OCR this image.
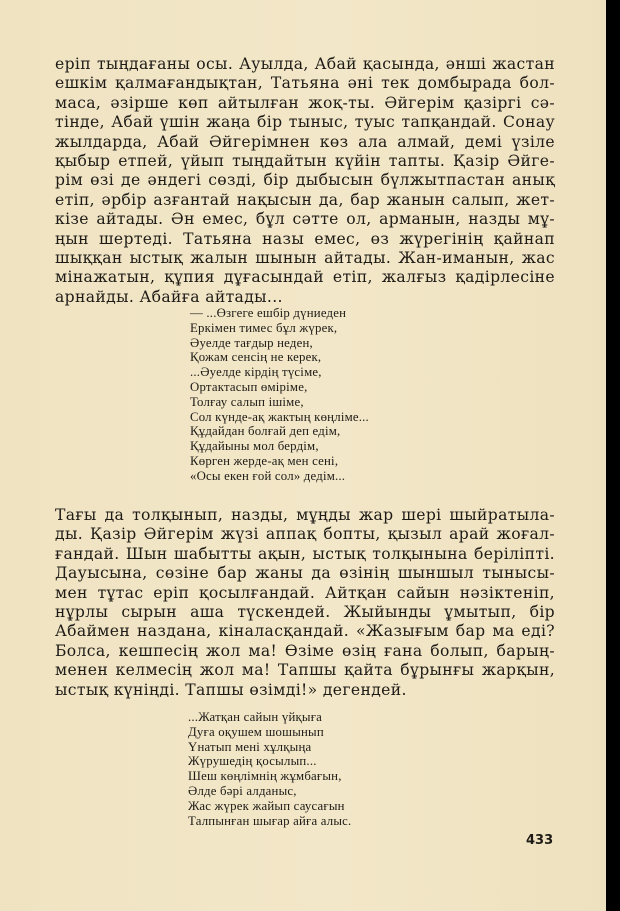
еріп тыңдағаны осы. Ауылда, Абай қасында, әнші жастан
ешкім қалмағандықтан, Татьяна әні тек домбырада бол-
маса, әзірше көп айтылған жоқ-ты. Әйгерім қазіргі сә-
тінде, Абай үшін жаңа бір тыныс, туыс тапқандай. Сонау
жылдарда, Абай Әйгерімнен көз ала алмай, демі үзіле
қыбыр етпей, үйып тыңдайтын күйін тапты. Қазір Әйге-
рім өзі де әндегі сөзді, бір дыбысын бүлжытпастан анық
етіп, әрбір азғантай нақысын да, бар жанын салып, жет-
кізе айтады. Ән емес, бұл сәтте ол, арманын, назды мұ-
ңын шертеді. Татьяна назы емес, өз жүрегінің қайнап
шыққан ыстық жалын шынын айтады. Жан-иманын, жас
мінажатын, құпия дұғасындай етіп, жалғыз қадірлесіне
арнайды. Абайға айтады...

— ...Өзгеге ешбір дүниеден
Еркімен тимес бұл жүрек,
Әуелде тағдыр неден,
Қожам сенсің не керек,
...Әуелде кірдің түсіме,
Ортактасып өміріме,
Толғау салып ішіме,
Сол күнде-ақ жактың көңліме...
Құдайдан болғай деп едім,
Құдайыны мол бердім,
Көрген жерде-ақ мен сені,
«Осы екен ғой сол» дедім...

Тағы да толқынып, назды, мұңды жар шері шыйратыла-
ды. Қазір Әйгерім жүзі аппақ бопты, қызыл арай жоғал-
ғандай. Шын шабытты ақын, ыстық толқынына беріліпті.
Дауысына, сөзіне бар жаны да өзінің шыншыл тынысы-
мен тұтас еріп қосылғандай. Айтқан сайын нәзіктеніп,
нұрлы сырын аша түскендей. Жыйынды ұмытып, бір
Абаймен наздана, кіналасқандай. «Жазығым бар ма еді?
Болса, кешпесің жол ма! Өзіме өзің ғана болып, барың-
менен келмесің жол ма! Тапшы қайта бұрынғы жарқын,
ыстық күніңді. Тапшы өзімді!» дегендей.

...Жатқан сайын үйқыға
Дуға оқушем шошынып
Үнатып мені хұлқыңа
Жүрушедің қосылып...
Шеш көңлімнің жұмбағын,
Әлде бәрі алданыс,
Жас жүрек жайып саусағын
Талпынған шығар айға алыс.

433
